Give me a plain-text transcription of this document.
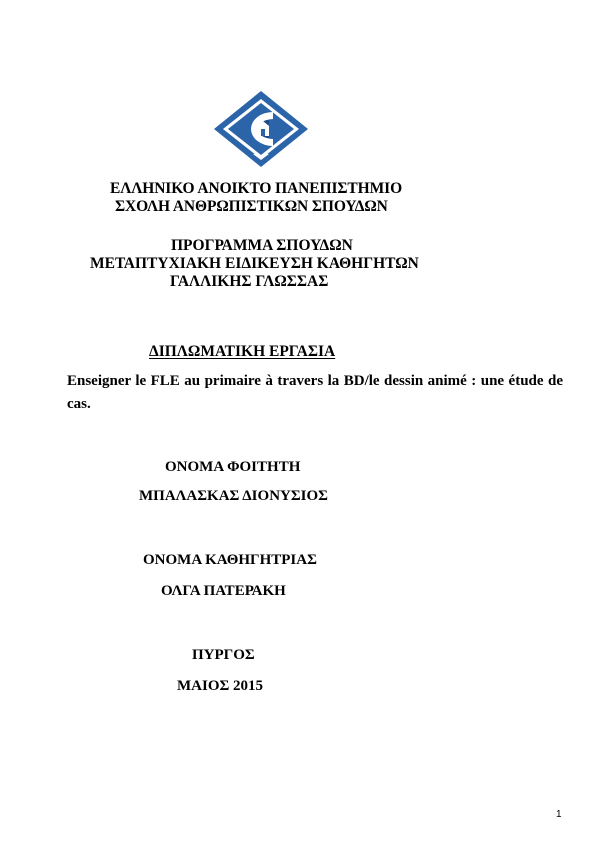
ΕΛΛΗΝΙΚΟ ΑΝΟΙΚΤΟ ΠΑΝΕΠΙΣΤΗΜΙΟ

ΣΧΟΛΗ ΑΝΘΡΩΠΙΣΤΙΚΩΝ ΣΠΟΥΔΩΝ

ΠΡΟΓΡΑΜΜΑ ΣΠΟΥΔΩΝ

ΜΕΤΑΠΤΥΧΙΑΚΗ ΕΙΔΙΚΕΥΣΗ ΚΑΘΗΓΗΤΩΝ

ΓΑΛΛΙΚΗΣ ΓΛΩΣΣΑΣ

ΔΙΠΛΩΜΑΤΙΚΗ ΕΡΓΑΣΙΑ

Enseigner le FLE au primaire à travers la BD/le dessin animé : une étude de cas.

ΟΝΟΜΑ ΦΟΙΤΗΤΗ

ΜΠΑΛΑΣΚΑΣ ΔΙΟΝΥΣΙΟΣ

ΟΝΟΜΑ ΚΑΘΗΓΗΤΡΙΑΣ

ΟΛΓΑ ΠΑΤΕΡΑΚΗ

ΠΥΡΓΟΣ

ΜΑΙΟΣ 2015

1
